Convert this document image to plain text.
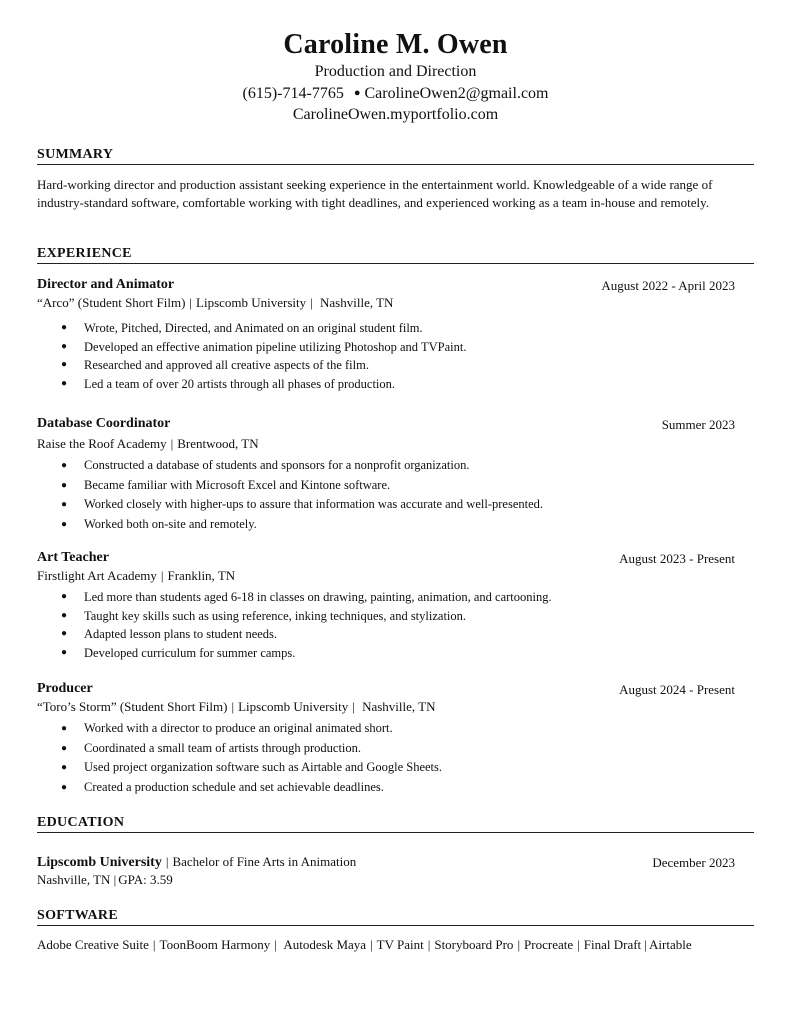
Caroline M. Owen
Production and Direction
(615)-714-7765 ● CarolineOwen2@gmail.com
CarolineOwen.myportfolio.com
SUMMARY
Hard-working director and production assistant seeking experience in the entertainment world. Knowledgeable of a wide range of industry-standard software, comfortable working with tight deadlines, and experienced working as a team in-house and remotely.
EXPERIENCE
Director and Animator	August 2022 - April 2023
“Arco” (Student Short Film) | Lipscomb University | Nashville, TN
● Wrote, Pitched, Directed, and Animated on an original student film.
● Developed an effective animation pipeline utilizing Photoshop and TVPaint.
● Researched and approved all creative aspects of the film.
● Led a team of over 20 artists through all phases of production.
Database Coordinator	Summer 2023
Raise the Roof Academy | Brentwood, TN
● Constructed a database of students and sponsors for a nonprofit organization.
● Became familiar with Microsoft Excel and Kintone software.
● Worked closely with higher-ups to assure that information was accurate and well-presented.
● Worked both on-site and remotely.
Art Teacher	August 2023 - Present
Firstlight Art Academy | Franklin, TN
● Led more than students aged 6-18 in classes on drawing, painting, animation, and cartooning.
● Taught key skills such as using reference, inking techniques, and stylization.
● Adapted lesson plans to student needs.
● Developed curriculum for summer camps.
Producer	August 2024 - Present
“Toro’s Storm” (Student Short Film) | Lipscomb University | Nashville, TN
● Worked with a director to produce an original animated short.
● Coordinated a small team of artists through production.
● Used project organization software such as Airtable and Google Sheets.
● Created a production schedule and set achievable deadlines.
EDUCATION
Lipscomb University | Bachelor of Fine Arts in Animation	December 2023
Nashville, TN | GPA: 3.59
SOFTWARE
Adobe Creative Suite | ToonBoom Harmony | Autodesk Maya | TV Paint | Storyboard Pro | Procreate | Final Draft | Airtable
